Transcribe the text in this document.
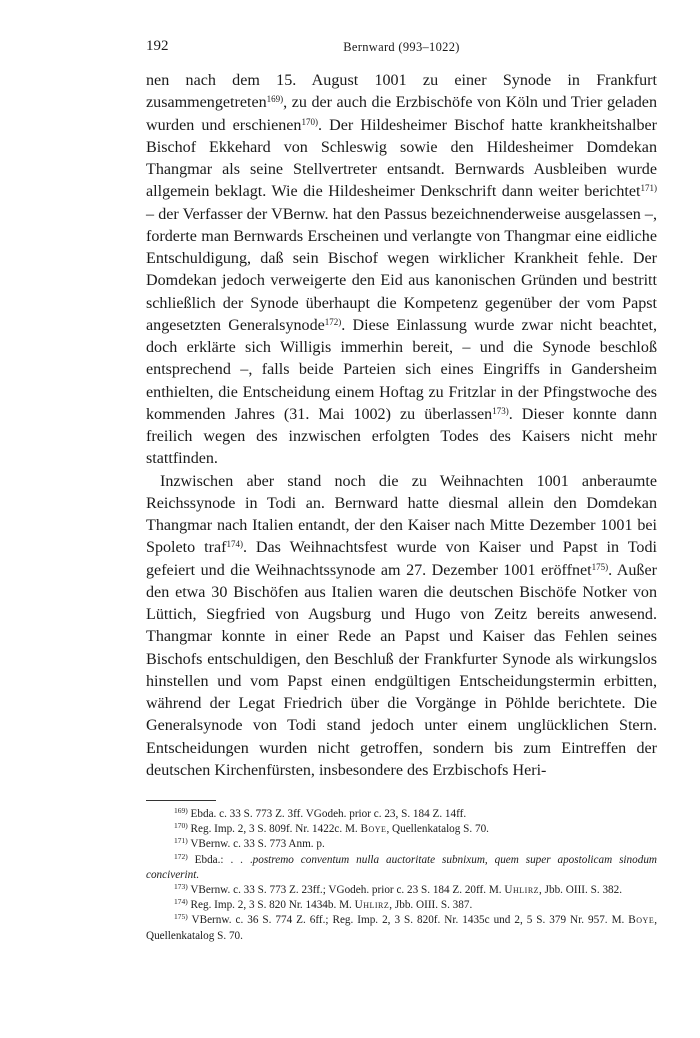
192	Bernward (993–1022)

nen nach dem 15. August 1001 zu einer Synode in Frankfurt zusammengetreten$^{169)}$, zu der auch die Erzbischöfe von Köln und Trier geladen wurden und erschienen$^{170)}$. Der Hildesheimer Bischof hatte krankheitshalber Bischof Ekkehard von Schleswig sowie den Hildesheimer Domdekan Thangmar als seine Stellvertreter entsandt. Bernwards Ausbleiben wurde allgemein beklagt. Wie die Hildesheimer Denkschrift dann weiter berichtet$^{171)}$ – der Verfasser der VBernw. hat den Passus bezeichnenderweise ausgelassen –, forderte man Bernwards Erscheinen und verlangte von Thangmar eine eidliche Entschuldigung, daß sein Bischof wegen wirklicher Krankheit fehle. Der Domdekan jedoch verweigerte den Eid aus kanonischen Gründen und bestritt schließlich der Synode überhaupt die Kompetenz gegenüber der vom Papst angesetzten Generalsynode$^{172)}$. Diese Einlassung wurde zwar nicht beachtet, doch erklärte sich Willigis immerhin bereit, – und die Synode beschloß entsprechend –, falls beide Parteien sich eines Eingriffs in Gandersheim enthielten, die Entscheidung einem Hoftag zu Fritzlar in der Pfingstwoche des kommenden Jahres (31. Mai 1002) zu überlassen$^{173)}$. Dieser konnte dann freilich wegen des inzwischen erfolgten Todes des Kaisers nicht mehr stattfinden.

Inzwischen aber stand noch die zu Weihnachten 1001 anberaumte Reichssynode in Todi an. Bernward hatte diesmal allein den Domdekan Thangmar nach Italien entandt, der den Kaiser nach Mitte Dezember 1001 bei Spoleto traf$^{174)}$. Das Weihnachtsfest wurde von Kaiser und Papst in Todi gefeiert und die Weihnachtssynode am 27. Dezember 1001 eröffnet$^{175)}$. Außer den etwa 30 Bischöfen aus Italien waren die deutschen Bischöfe Notker von Lüttich, Siegfried von Augsburg und Hugo von Zeitz bereits anwesend. Thangmar konnte in einer Rede an Papst und Kaiser das Fehlen seines Bischofs entschuldigen, den Beschluß der Frankfurter Synode als wirkungslos hinstellen und vom Papst einen endgültigen Entscheidungstermin erbitten, während der Legat Friedrich über die Vorgänge in Pöhlde berichtete. Die Generalsynode von Todi stand jedoch unter einem unglücklichen Stern. Entscheidungen wurden nicht getroffen, sondern bis zum Eintreffen der deutschen Kirchenfürsten, insbesondere des Erzbischofs Heri-

$^{169)}$ Ebda. c. 33 S. 773 Z. 3ff. VGodeh. prior c. 23, S. 184 Z. 14ff.
$^{170)}$ Reg. Imp. 2, 3 S. 809f. Nr. 1422c. M. Boye, Quellenkatalog S. 70.
$^{171)}$ VBernw. c. 33 S. 773 Anm. p.
$^{172)}$ Ebda.: . . .postremo conventum nulla auctoritate subnixum, quem super apostolicam sinodum conciverint.
$^{173)}$ VBernw. c. 33 S. 773 Z. 23ff.; VGodeh. prior c. 23 S. 184 Z. 20ff. M. Uhlirz, Jbb. OIII. S. 382.
$^{174)}$ Reg. Imp. 2, 3 S. 820 Nr. 1434b. M. Uhlirz, Jbb. OIII. S. 387.
$^{175)}$ VBernw. c. 36 S. 774 Z. 6ff.; Reg. Imp. 2, 3 S. 820f. Nr. 1435c und 2, 5 S. 379 Nr. 957. M. Boye, Quellenkatalog S. 70.
